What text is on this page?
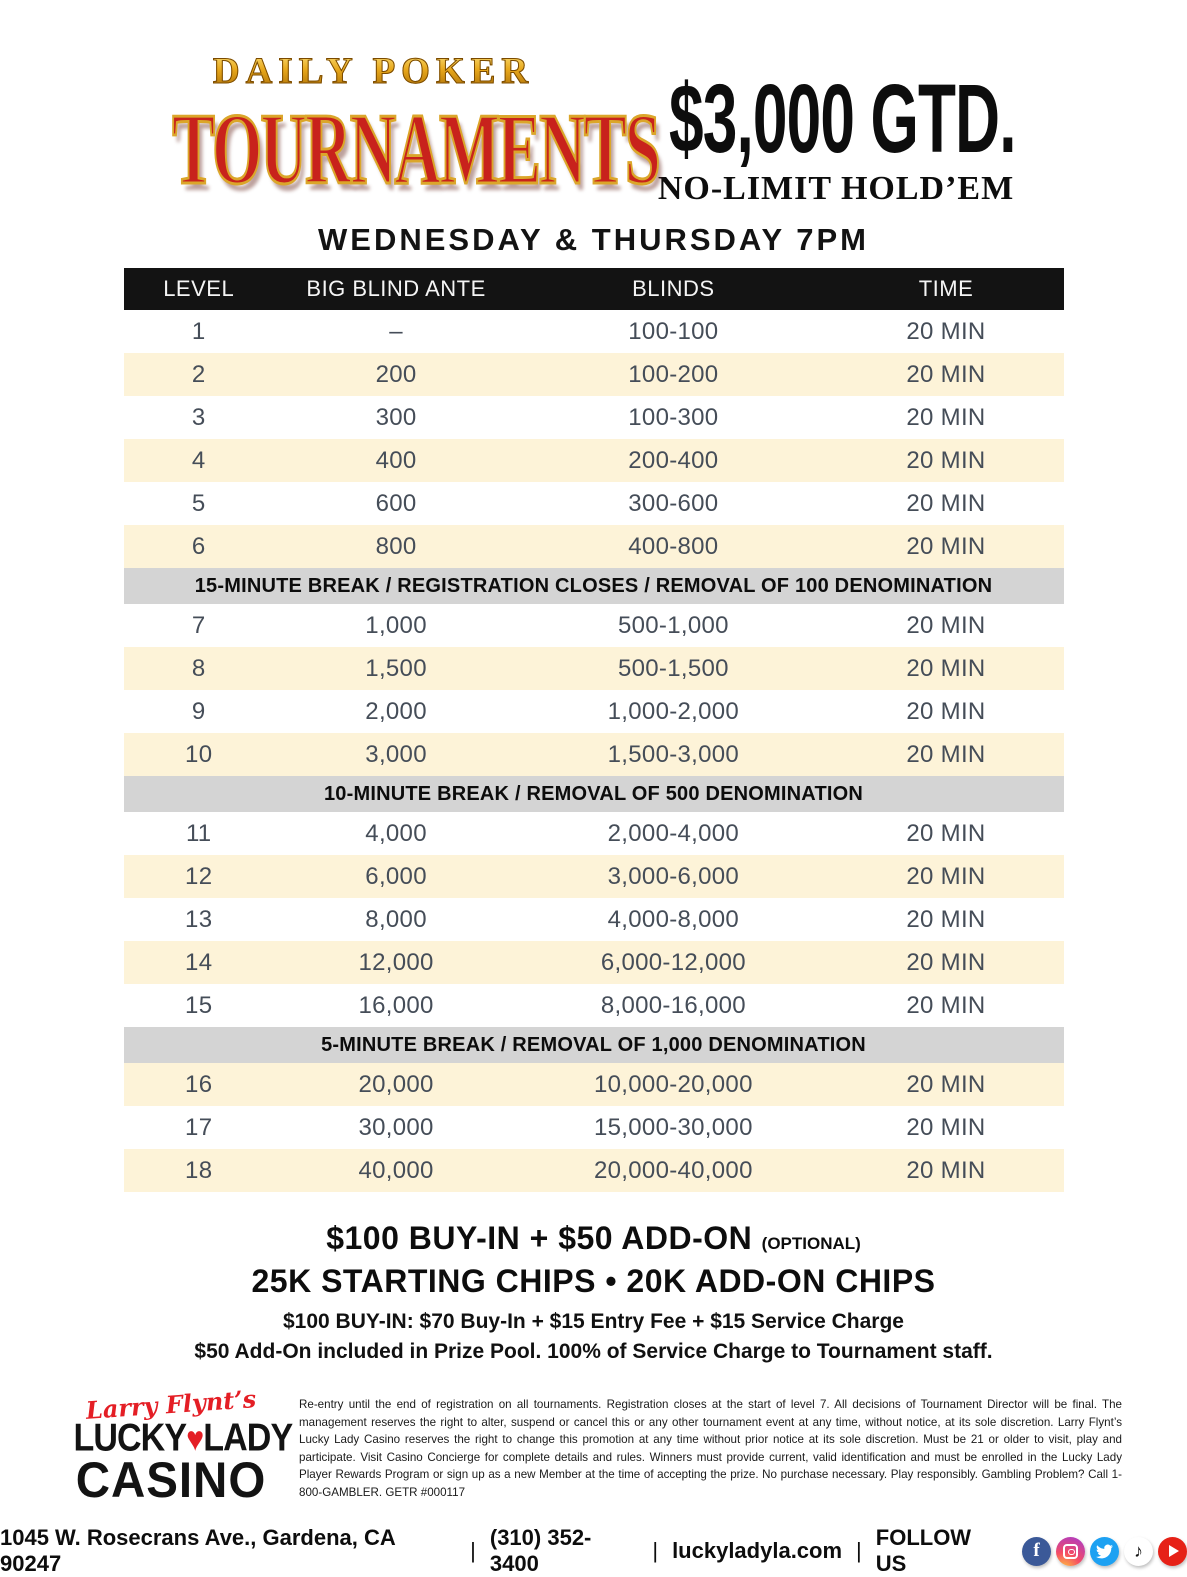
DAILY POKER
TOURNAMENTS $3,000 GTD.
NO-LIMIT HOLD’EM
WEDNESDAY & THURSDAY 7PM
LEVEL	BIG BLIND ANTE	BLINDS	TIME
1	–	100-100	20 MIN
2	200	100-200	20 MIN
3	300	100-300	20 MIN
4	400	200-400	20 MIN
5	600	300-600	20 MIN
6	800	400-800	20 MIN
15-MINUTE BREAK / REGISTRATION CLOSES / REMOVAL OF 100 DENOMINATION
7	1,000	500-1,000	20 MIN
8	1,500	500-1,500	20 MIN
9	2,000	1,000-2,000	20 MIN
10	3,000	1,500-3,000	20 MIN
10-MINUTE BREAK / REMOVAL OF 500 DENOMINATION
11	4,000	2,000-4,000	20 MIN
12	6,000	3,000-6,000	20 MIN
13	8,000	4,000-8,000	20 MIN
14	12,000	6,000-12,000	20 MIN
15	16,000	8,000-16,000	20 MIN
5-MINUTE BREAK / REMOVAL OF 1,000 DENOMINATION
16	20,000	10,000-20,000	20 MIN
17	30,000	15,000-30,000	20 MIN
18	40,000	20,000-40,000	20 MIN
$100 BUY-IN + $50 ADD-ON (OPTIONAL)
25K STARTING CHIPS • 20K ADD-ON CHIPS
$100 BUY-IN: $70 Buy-In + $15 Entry Fee + $15 Service Charge
$50 Add-On included in Prize Pool. 100% of Service Charge to Tournament staff.
Larry Flynt’s
LUCKY♥LADY
CASINO
Re-entry until the end of registration on all tournaments. Registration closes at the start of level 7. All decisions of Tournament Director will be final. The management reserves the right to alter, suspend or cancel this or any other tournament event at any time, without notice, at its sole discretion. Larry Flynt’s Lucky Lady Casino reserves the right to change this promotion at any time without prior notice at its sole discretion. Must be 21 or older to visit, play and participate. Visit Casino Concierge for complete details and rules. Winners must provide current, valid identification and must be enrolled in the Lucky Lady Player Rewards Program or sign up as a new Member at the time of accepting the prize. No purchase necessary. Play responsibly. Gambling Problem? Call 1-800-GAMBLER. GETR #000117
1045 W. Rosecrans Ave., Gardena, CA 90247
|
(310) 352-3400
|
luckyladyla.com
|
FOLLOW US
f	♪
